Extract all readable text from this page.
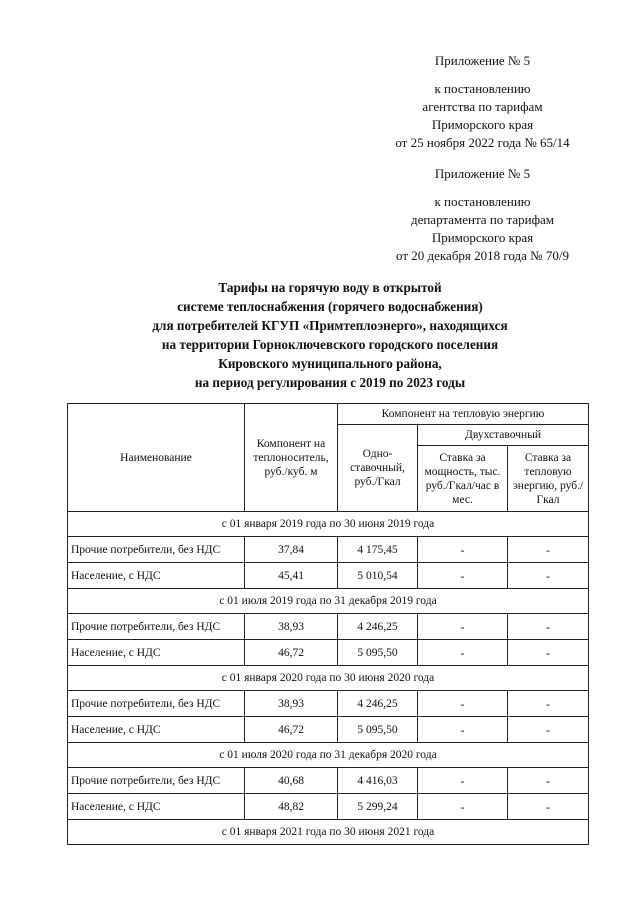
Приложение № 5
к постановлению
агентства по тарифам
Приморского края
от 25 ноября 2022 года № 65/14
Приложение № 5
к постановлению
департамента по тарифам
Приморского края
от 20 декабря 2018 года № 70/9
Тарифы на горячую воду в открытой
системе теплоснабжения (горячего водоснабжения)
для потребителей КГУП «Примтеплоэнерго», находящихся
на территории Горноключевского городского поселения
Кировского муниципального района,
на период регулирования с 2019 по 2023 годы
Наименование	Компонент на теплоноситель, руб./куб. м	Компонент на тепловую энергию		
		Одно-ставочный, руб./Гкал	Двухставочный	
			Ставка за мощность, тыс. руб./Гкал/час в мес.	Ставка за тепловую энергию, руб./Гкал
с 01 января 2019 года по 30 июня 2019 года				
Прочие потребители, без НДС	37,84	4 175,45	-	-
Население, с НДС	45,41	5 010,54	-	-
с 01 июля 2019 года по 31 декабря 2019 года				
Прочие потребители, без НДС	38,93	4 246,25	-	-
Население, с НДС	46,72	5 095,50	-	-
с 01 января 2020 года по 30 июня 2020 года				
Прочие потребители, без НДС	38,93	4 246,25	-	-
Население, с НДС	46,72	5 095,50	-	-
с 01 июля 2020 года по 31 декабря 2020 года				
Прочие потребители, без НДС	40,68	4 416,03	-	-
Население, с НДС	48,82	5 299,24	-	-
с 01 января 2021 года по 30 июня 2021 года				
